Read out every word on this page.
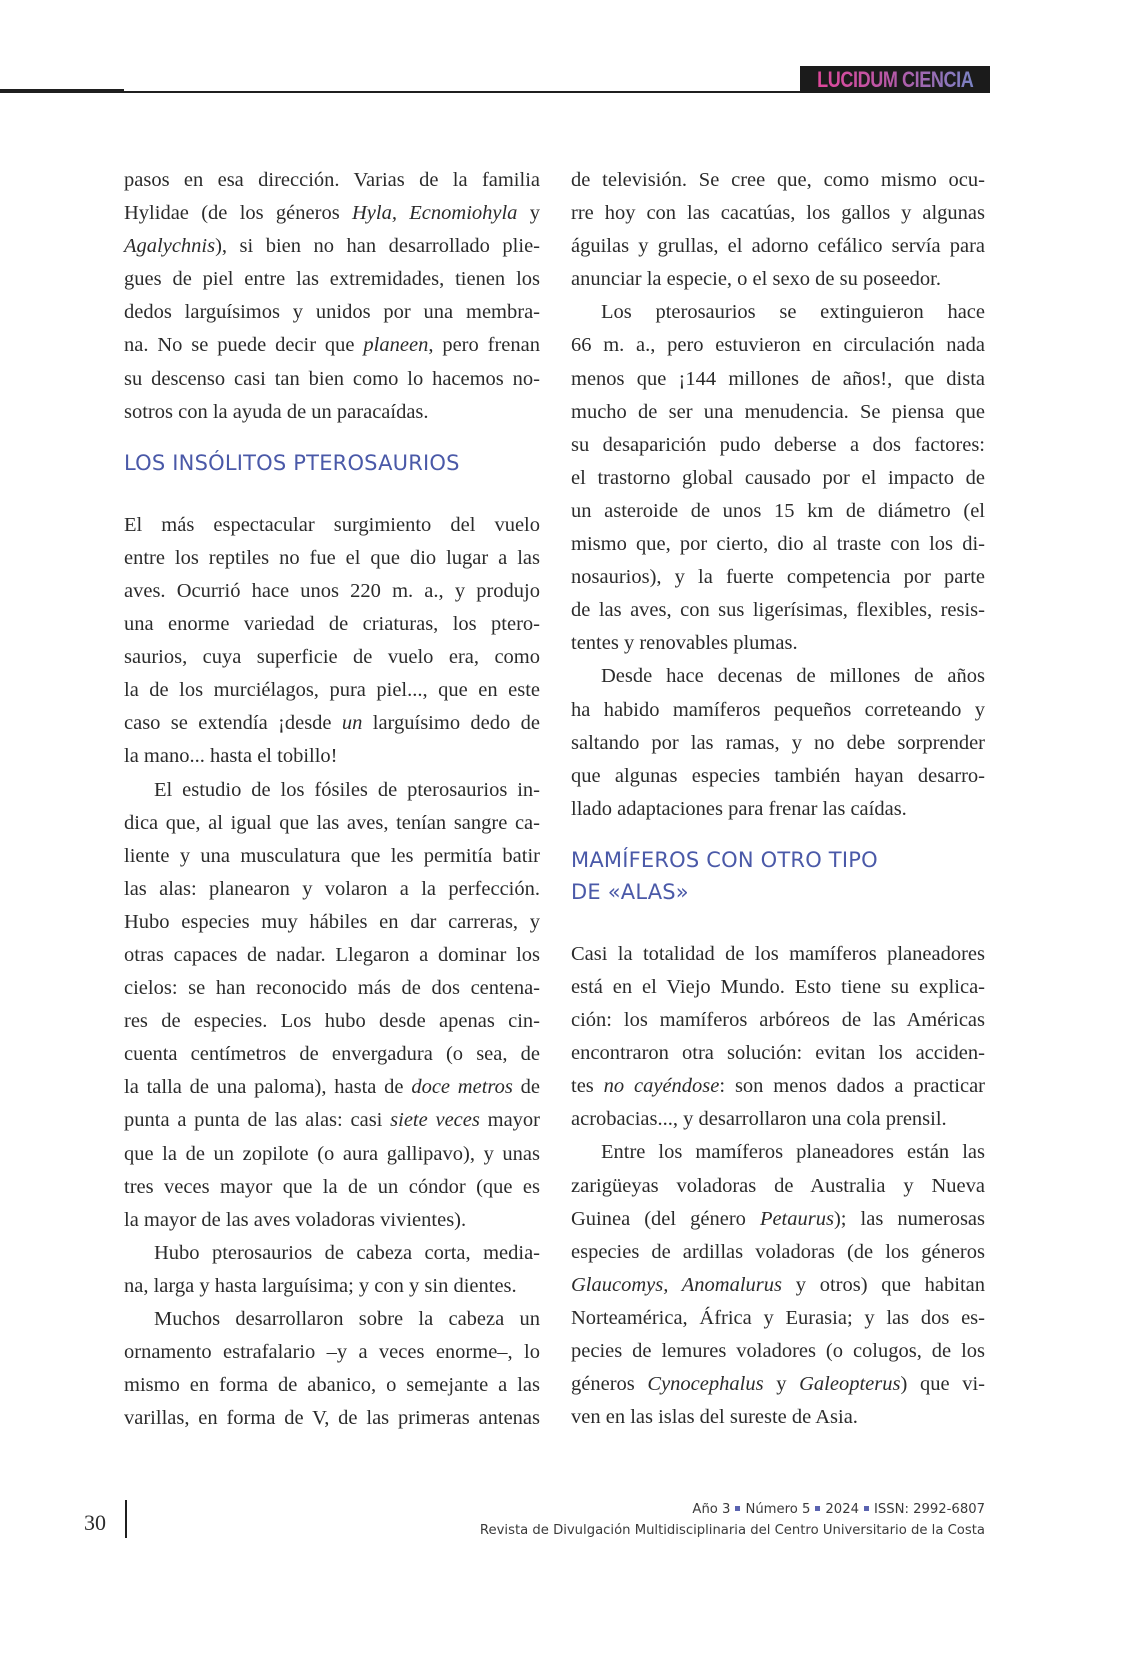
LUCIDUM CIENCIA

pasos en esa dirección. Varias de la familia
Hylidae (de los géneros Hyla, Ecnomiohyla y
Agalychnis), si bien no han desarrollado plie-
gues de piel entre las extremidades, tienen los
dedos larguísimos y unidos por una membra-
na. No se puede decir que planeen, pero frenan
su descenso casi tan bien como lo hacemos no-
sotros con la ayuda de un paracaídas.

LOS INSÓLITOS PTEROSAURIOS

El más espectacular surgimiento del vuelo
entre los reptiles no fue el que dio lugar a las
aves. Ocurrió hace unos 220 m. a., y produjo
una enorme variedad de criaturas, los ptero-
saurios, cuya superficie de vuelo era, como
la de los murciélagos, pura piel..., que en este
caso se extendía ¡desde un larguísimo dedo de
la mano... hasta el tobillo!

El estudio de los fósiles de pterosaurios in-
dica que, al igual que las aves, tenían sangre ca-
liente y una musculatura que les permitía batir
las alas: planearon y volaron a la perfección.
Hubo especies muy hábiles en dar carreras, y
otras capaces de nadar. Llegaron a dominar los
cielos: se han reconocido más de dos centena-
res de especies. Los hubo desde apenas cin-
cuenta centímetros de envergadura (o sea, de
la talla de una paloma), hasta de doce metros de
punta a punta de las alas: casi siete veces mayor
que la de un zopilote (o aura gallipavo), y unas
tres veces mayor que la de un cóndor (que es
la mayor de las aves voladoras vivientes).

Hubo pterosaurios de cabeza corta, media-
na, larga y hasta larguísima; y con y sin dientes.

Muchos desarrollaron sobre la cabeza un
ornamento estrafalario –y a veces enorme–, lo
mismo en forma de abanico, o semejante a las
varillas, en forma de V, de las primeras antenas

de televisión. Se cree que, como mismo ocu-
rre hoy con las cacatúas, los gallos y algunas
águilas y grullas, el adorno cefálico servía para
anunciar la especie, o el sexo de su poseedor.

Los pterosaurios se extinguieron hace
66 m. a., pero estuvieron en circulación nada
menos que ¡144 millones de años!, que dista
mucho de ser una menudencia. Se piensa que
su desaparición pudo deberse a dos factores:
el trastorno global causado por el impacto de
un asteroide de unos 15 km de diámetro (el
mismo que, por cierto, dio al traste con los di-
nosaurios), y la fuerte competencia por parte
de las aves, con sus ligerísimas, flexibles, resis-
tentes y renovables plumas.

Desde hace decenas de millones de años
ha habido mamíferos pequeños correteando y
saltando por las ramas, y no debe sorprender
que algunas especies también hayan desarro-
llado adaptaciones para frenar las caídas.

MAMÍFEROS CON OTRO TIPO
DE «ALAS»

Casi la totalidad de los mamíferos planeadores
está en el Viejo Mundo. Esto tiene su explica-
ción: los mamíferos arbóreos de las Américas
encontraron otra solución: evitan los acciden-
tes no cayéndose: son menos dados a practicar
acrobacias..., y desarrollaron una cola prensil.

Entre los mamíferos planeadores están las
zarigüeyas voladoras de Australia y Nueva
Guinea (del género Petaurus); las numerosas
especies de ardillas voladoras (de los géneros
Glaucomys, Anomalurus y otros) que habitan
Norteamérica, África y Eurasia; y las dos es-
pecies de lemures voladores (o colugos, de los
géneros Cynocephalus y Galeopterus) que vi-
ven en las islas del sureste de Asia.

30
Año 3 Número 5 2024 ISSN: 2992-6807
Revista de Divulgación Multidisciplinaria del Centro Universitario de la Costa
